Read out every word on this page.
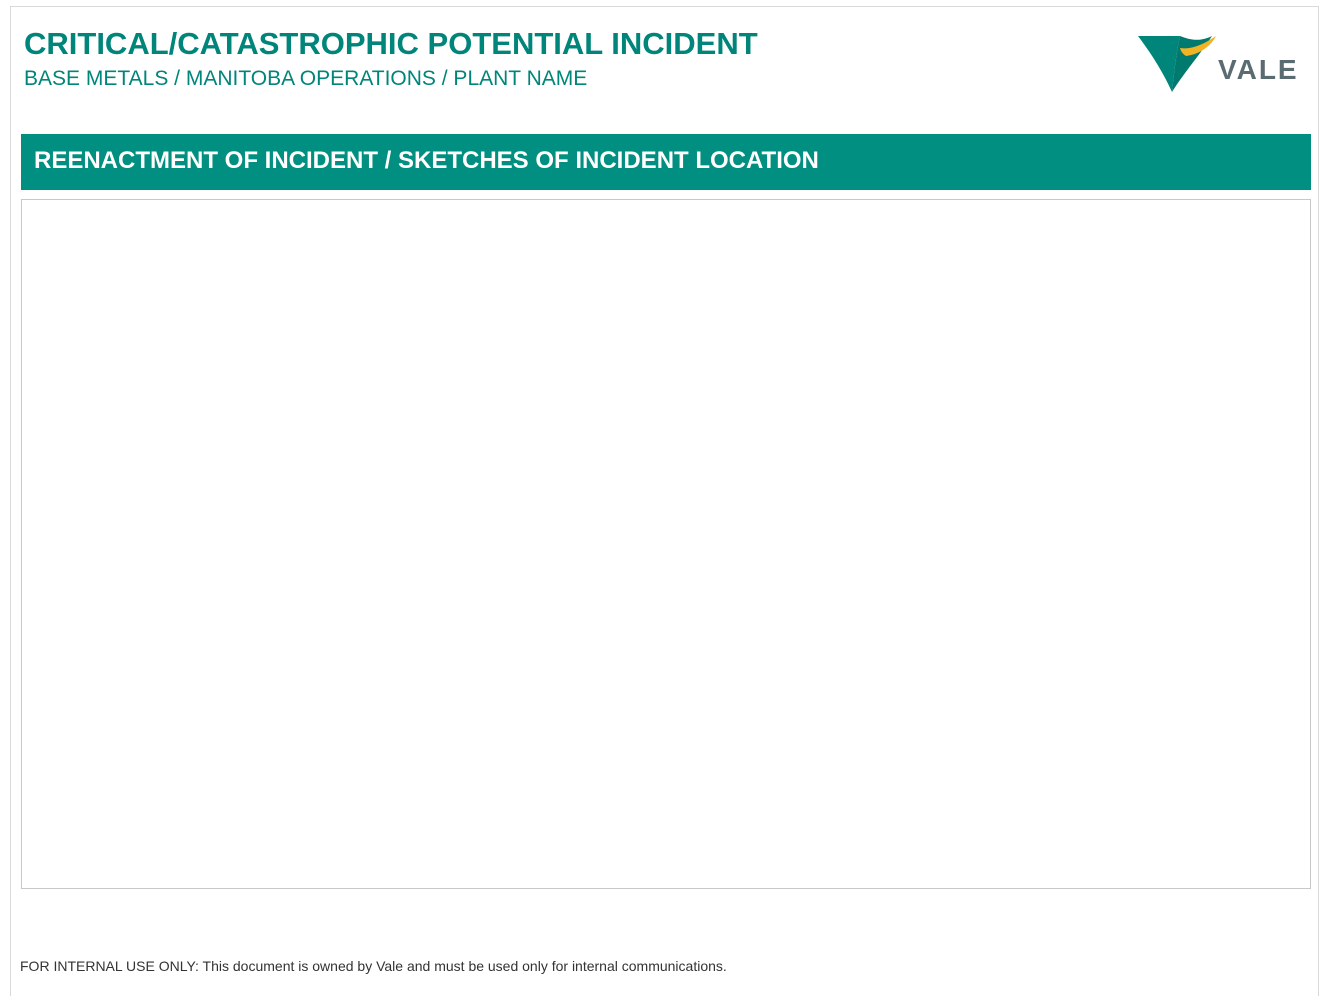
CRITICAL/CATASTROPHIC POTENTIAL INCIDENT

BASE METALS / MANITOBA OPERATIONS / PLANT NAME	VALE
REENACTMENT OF INCIDENT / SKETCHES OF INCIDENT LOCATION

FOR INTERNAL USE ONLY: This document is owned by Vale and must be used only for internal communications.
